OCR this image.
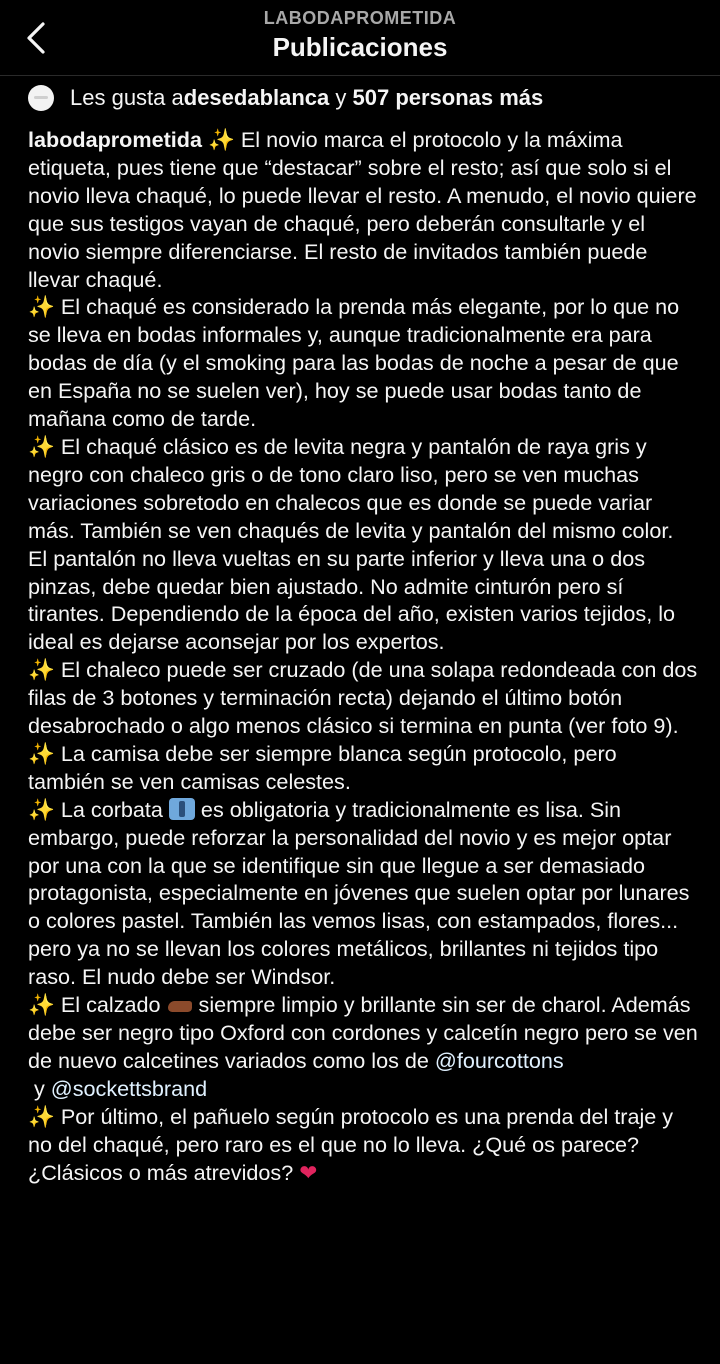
LABODAPROMETIDA
Publicaciones
Les gusta a desedablanca y 507 personas más

labodaprometida ✨ El novio marca el protocolo y la máxima etiqueta, pues tiene que “destacar” sobre el resto; así que solo si el novio lleva chaqué, lo puede llevar el resto. A menudo, el novio quiere que sus testigos vayan de chaqué, pero deberán consultarle y el novio siempre diferenciarse. El resto de invitados también puede llevar chaqué.

✨ El chaqué es considerado la prenda más elegante, por lo que no se lleva en bodas informales y, aunque tradicionalmente era para bodas de día (y el smoking para las bodas de noche a pesar de que en España no se suelen ver), hoy se puede usar bodas tanto de mañana como de tarde.

✨ El chaqué clásico es de levita negra y pantalón de raya gris y negro con chaleco gris o de tono claro liso, pero se ven muchas variaciones sobretodo en chalecos que es donde se puede variar más. También se ven chaqués de levita y pantalón del mismo color. El pantalón no lleva vueltas en su parte inferior y lleva una o dos pinzas, debe quedar bien ajustado. No admite cinturón pero sí tirantes. Dependiendo de la época del año, existen varios tejidos, lo ideal es dejarse aconsejar por los expertos.

✨ El chaleco puede ser cruzado (de una solapa redondeada con dos filas de 3 botones y terminación recta) dejando el último botón desabrochado o algo menos clásico si termina en punta (ver foto 9).

✨ La camisa debe ser siempre blanca según protocolo, pero también se ven camisas celestes.

✨ La corbata  es obligatoria y tradicionalmente es lisa. Sin embargo, puede reforzar la personalidad del novio y es mejor optar por una con la que se identifique sin que llegue a ser demasiado protagonista, especialmente en jóvenes que suelen optar por lunares o colores pastel. También las vemos lisas, con estampados, flores... pero ya no se llevan los colores metálicos, brillantes ni tejidos tipo raso. El nudo debe ser Windsor.

✨ El calzado  siempre limpio y brillante sin ser de charol. Además debe ser negro tipo Oxford con cordones y calcetín negro pero se ven de nuevo calcetines variados como los de @fourcottons y @sockettsbrand

✨ Por último, el pañuelo según protocolo es una prenda del traje y no del chaqué, pero raro es el que no lo lleva. ¿Qué os parece? ¿Clásicos o más atrevidos? ❤
